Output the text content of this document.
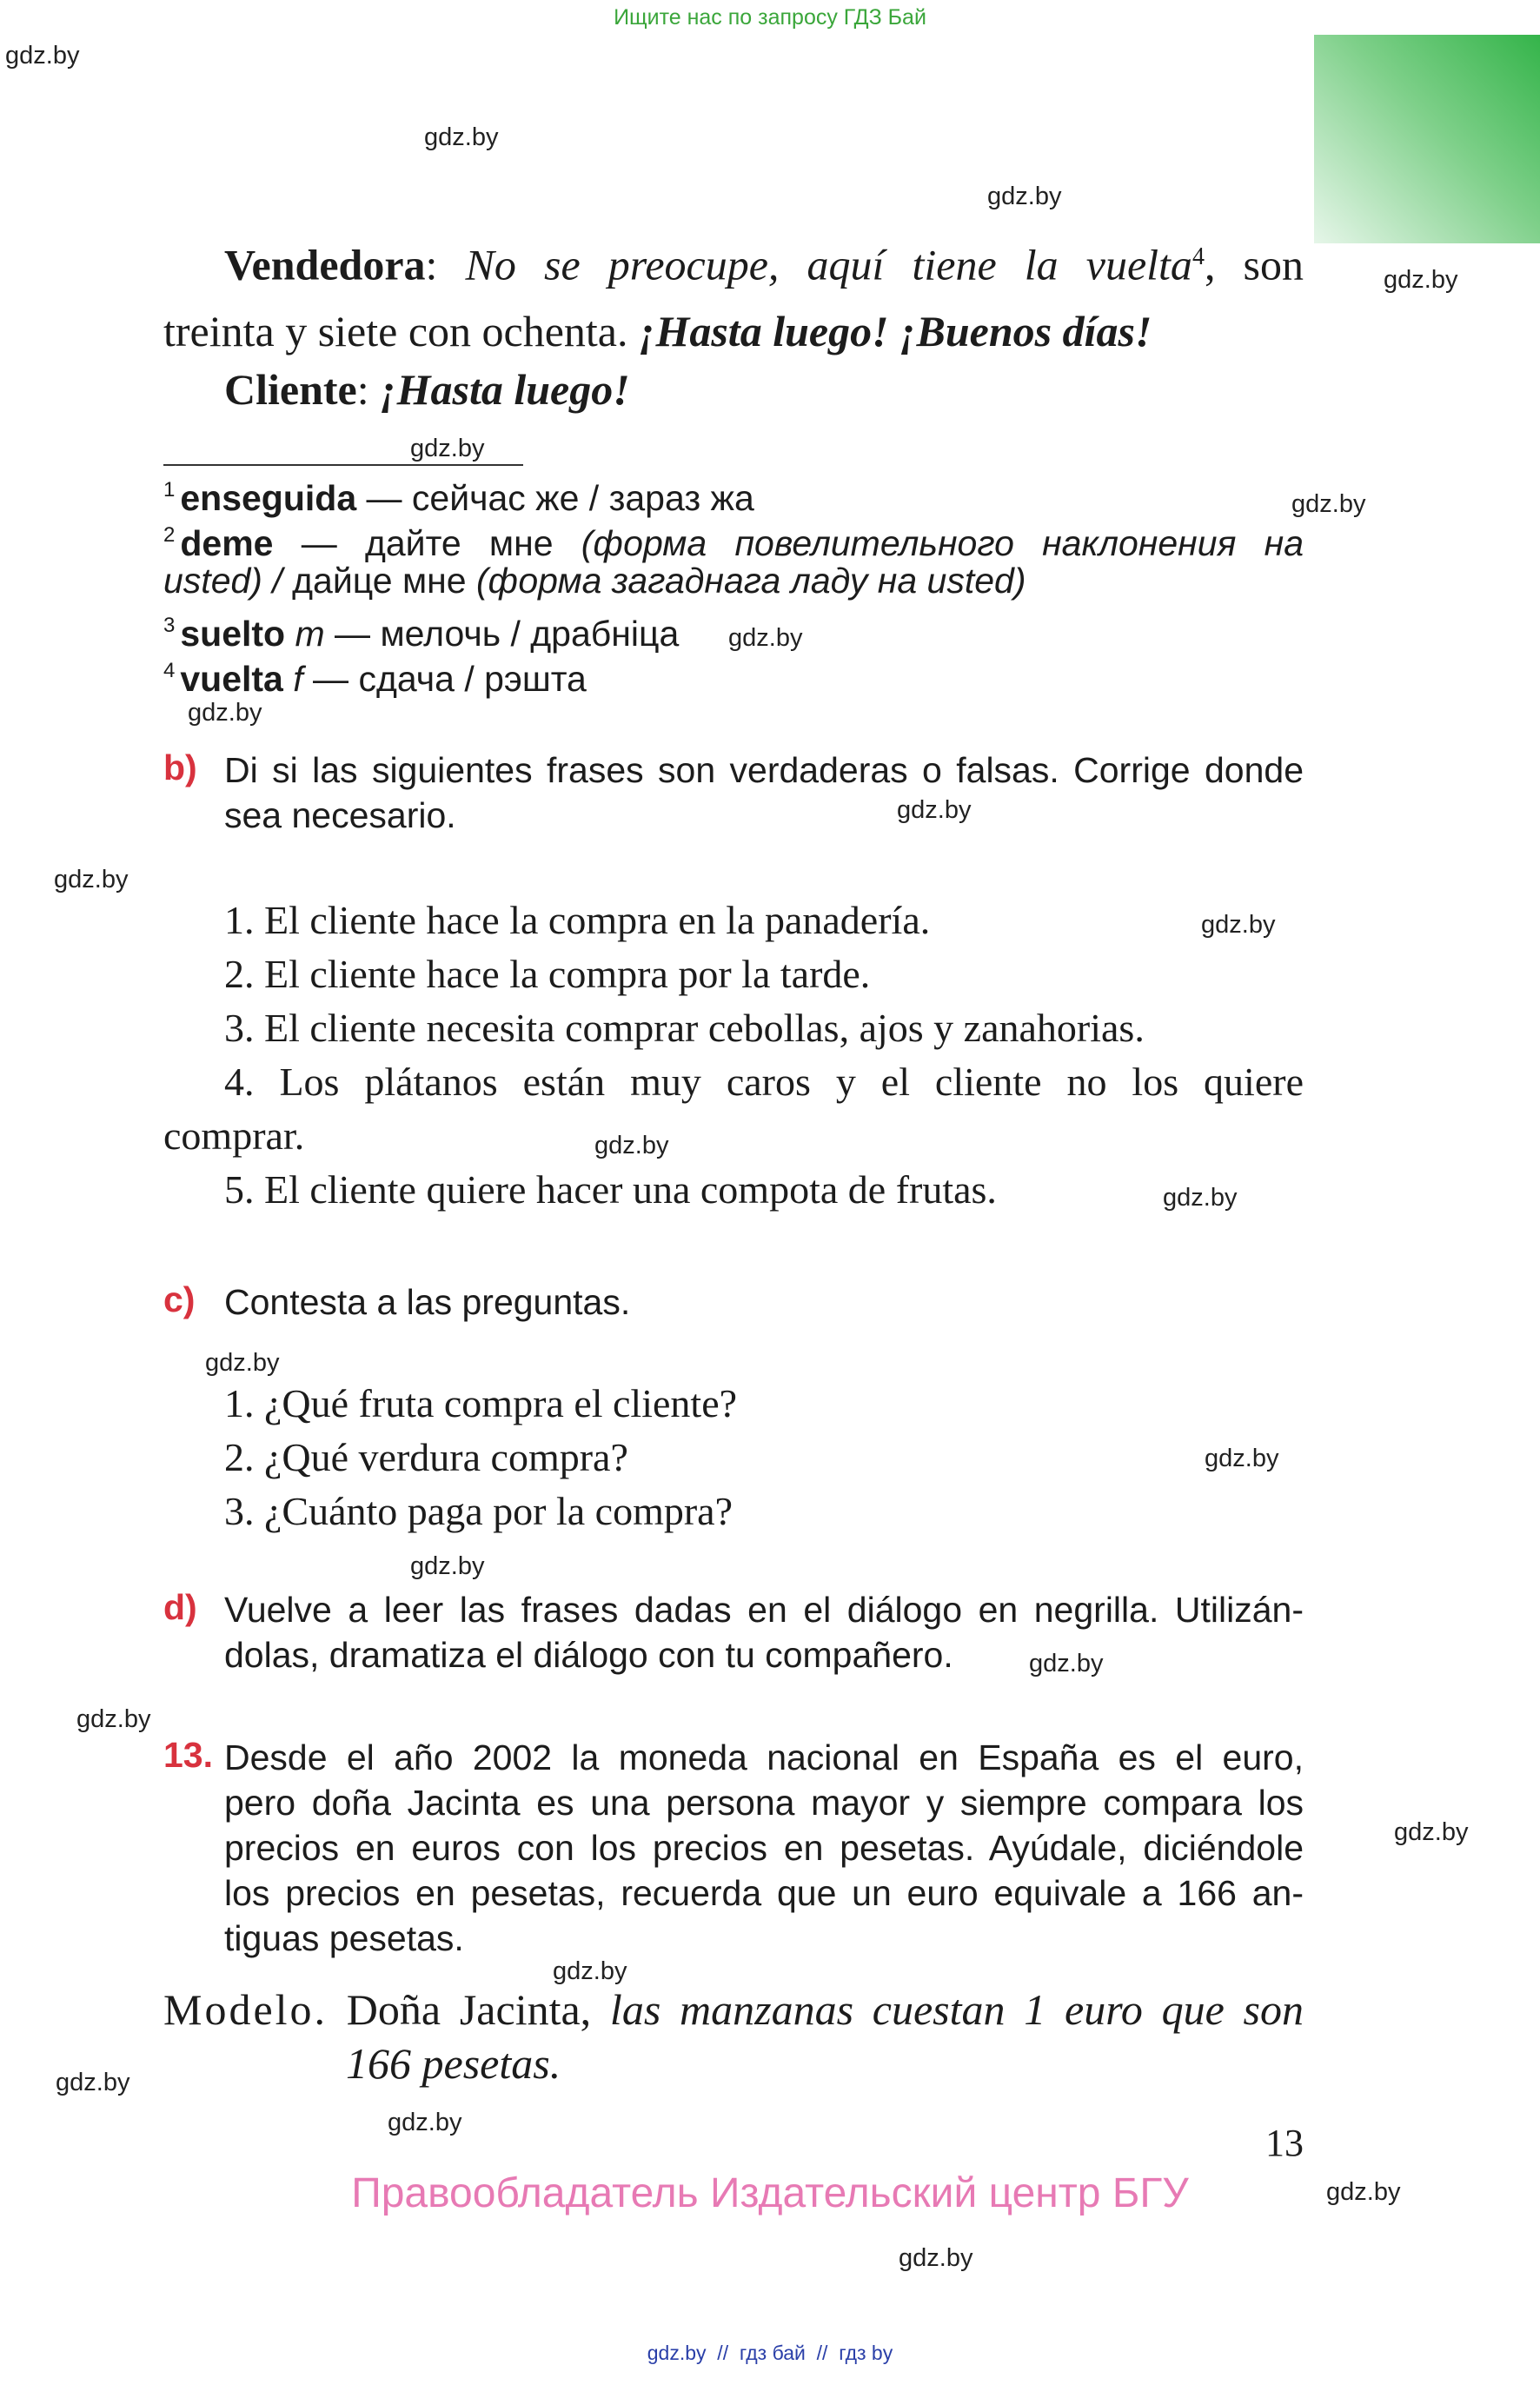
Ищите нас по запросу ГДЗ Бай
gdz.by
gdz.by
gdz.by
gdz.by
gdz.by
gdz.by
gdz.by
gdz.by
gdz.by
gdz.by
gdz.by
gdz.by
gdz.by
gdz.by
gdz.by
gdz.by
gdz.by
gdz.by
gdz.by
gdz.by
gdz.by
gdz.by
gdz.by
gdz.by
Vendedora: No se preocupe, aquí tiene la vuelta$^4$, son
treinta y siete con ochenta. ¡Hasta luego! ¡Buenos días!
Cliente: ¡Hasta luego!
$^1$ enseguida — сейчас же / зараз жа
$^2$ deme — дайте мне (форма повелительного наклонения на
usted) / дайце мне (форма загаднага ладу на usted)
$^3$ suelto m — мелочь / драбніца
$^4$ vuelta f — сдача / рэшта
b) Di si las siguientes frases son verdaderas o falsas. Corrige donde
sea necesario.
1. El cliente hace la compra en la panadería.
2. El cliente hace la compra por la tarde.
3. El cliente necesita comprar cebollas, ajos y zanahorias.
4. Los plátanos están muy caros y el cliente no los quiere
comprar.
5. El cliente quiere hacer una compota de frutas.
c) Contesta a las preguntas.
1. ¿Qué fruta compra el cliente?
2. ¿Qué verdura compra?
3. ¿Cuánto paga por la compra?
d) Vuelve a leer las frases dadas en el diálogo en negrilla. Utilizán-
dolas, dramatiza el diálogo con tu compañero.
13. Desde el año 2002 la moneda nacional en España es el euro,
pero doña Jacinta es una persona mayor y siempre compara los
precios en euros con los precios en pesetas. Ayúdale, diciéndole
los precios en pesetas, recuerda que un euro equivale a 166 an-
tiguas pesetas.
Modelo. Doña Jacinta, las manzanas cuestan 1 euro que son
166 pesetas.
13
Правообладатель Издательский центр БГУ
gdz.by  //  гдз бай  //  гдз by
